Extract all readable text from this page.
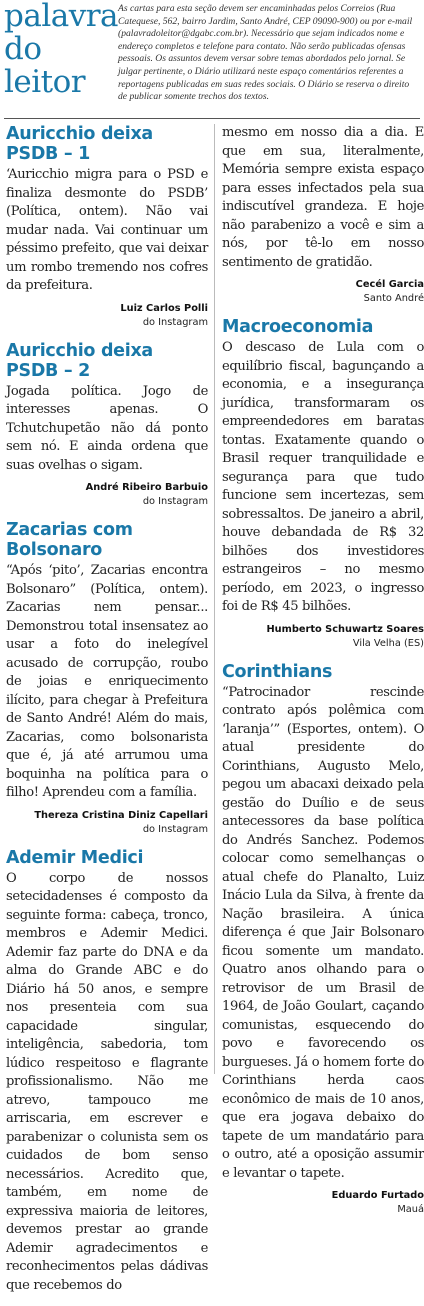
palavra
do leitor
As cartas para esta seção devem ser encaminhadas pelos Correios (Rua Catequese, 562, bairro Jardim, Santo André, CEP 09090-900) ou por e-mail (palavradoleitor@dgabc.com.br). Necessário que sejam indicados nome e endereço completos e telefone para contato. Não serão publicadas ofensas pessoais. Os assuntos devem versar sobre temas abordados pelo jornal. Se julgar pertinente, o Diário utilizará neste espaço comentários referentes a reportagens publicadas em suas redes sociais. O Diário se reserva o direito de publicar somente trechos dos textos.
Auricchio deixa PSDB – 1

‘Auricchio migra para o PSD e finaliza desmonte do PSDB’ (Política, ontem). Não vai mudar nada. Vai continuar um péssimo prefeito, que vai deixar um rombo tremendo nos cofres da prefeitura.

Luiz Carlos Polli
do Instagram
Auricchio deixa PSDB – 2

Jogada política. Jogo de interesses apenas. O Tchutchupetão não dá ponto sem nó. E ainda ordena que suas ovelhas o sigam.

André Ribeiro Barbuio
do Instagram
Zacarias com Bolsonaro

“Após ‘pito’, Zacarias encontra Bolsonaro” (Política, ontem). Zacarias nem pensar... Demonstrou total insensatez ao usar a foto do inelegível acusado de corrupção, roubo de joias e enriquecimento ilícito, para chegar à Prefeitura de Santo André! Além do mais, Zacarias, como bolsonarista que é, já até arrumou uma boquinha na política para o filho! Aprendeu com a família.

Thereza Cristina Diniz Capellari
do Instagram
Ademir Medici

O corpo de nossos setecidadenses é composto da seguinte forma: cabeça, tronco, membros e Ademir Medici. Ademir faz parte do DNA e da alma do Grande ABC e do Diário há 50 anos, e sempre nos presenteia com sua capacidade singular, inteligência, sabedoria, tom lúdico respeitoso e flagrante profissionalismo. Não me atrevo, tampouco me arriscaria, em escrever e parabenizar o colunista sem os cuidados de bom senso necessários. Acredito que, também, em nome de expressiva maioria de leitores, devemos prestar ao grande Ademir agradecimentos e reconhecimentos pelas dádivas que recebemos do

mesmo em nosso dia a dia. E que em sua, literalmente, Memória sempre exista espaço para esses infectados pela sua indiscutível grandeza. E hoje não parabenizo a você e sim a nós, por tê-lo em nosso sentimento de gratidão.

Cecél Garcia
Santo André
Macroeconomia

O descaso de Lula com o equilíbrio fiscal, bagunçando a economia, e a insegurança jurídica, transformaram os empreendedores em baratas tontas. Exatamente quando o Brasil requer tranquilidade e segurança para que tudo funcione sem incertezas, sem sobressaltos. De janeiro a abril, houve debandada de R$ 32 bilhões dos investidores estrangeiros – no mesmo período, em 2023, o ingresso foi de R$ 45 bilhões.

Humberto Schuwartz Soares
Vila Velha (ES)
Corinthians

“Patrocinador rescinde contrato após polêmica com ‘laranja’” (Esportes, ontem). O atual presidente do Corinthians, Augusto Melo, pegou um abacaxi deixado pela gestão do Duílio e de seus antecessores da base política do Andrés Sanchez. Podemos colocar como semelhanças o atual chefe do Planalto, Luiz Inácio Lula da Silva, à frente da Nação brasileira. A única diferença é que Jair Bolsonaro ficou somente um mandato. Quatro anos olhando para o retrovisor de um Brasil de 1964, de João Goulart, caçando comunistas, esquecendo do povo e favorecendo os burgueses. Já o homem forte do Corinthians herda caos econômico de mais de 10 anos, que era jogava debaixo do tapete de um mandatário para o outro, até a oposição assumir e levantar o tapete.

Eduardo Furtado
Mauá
